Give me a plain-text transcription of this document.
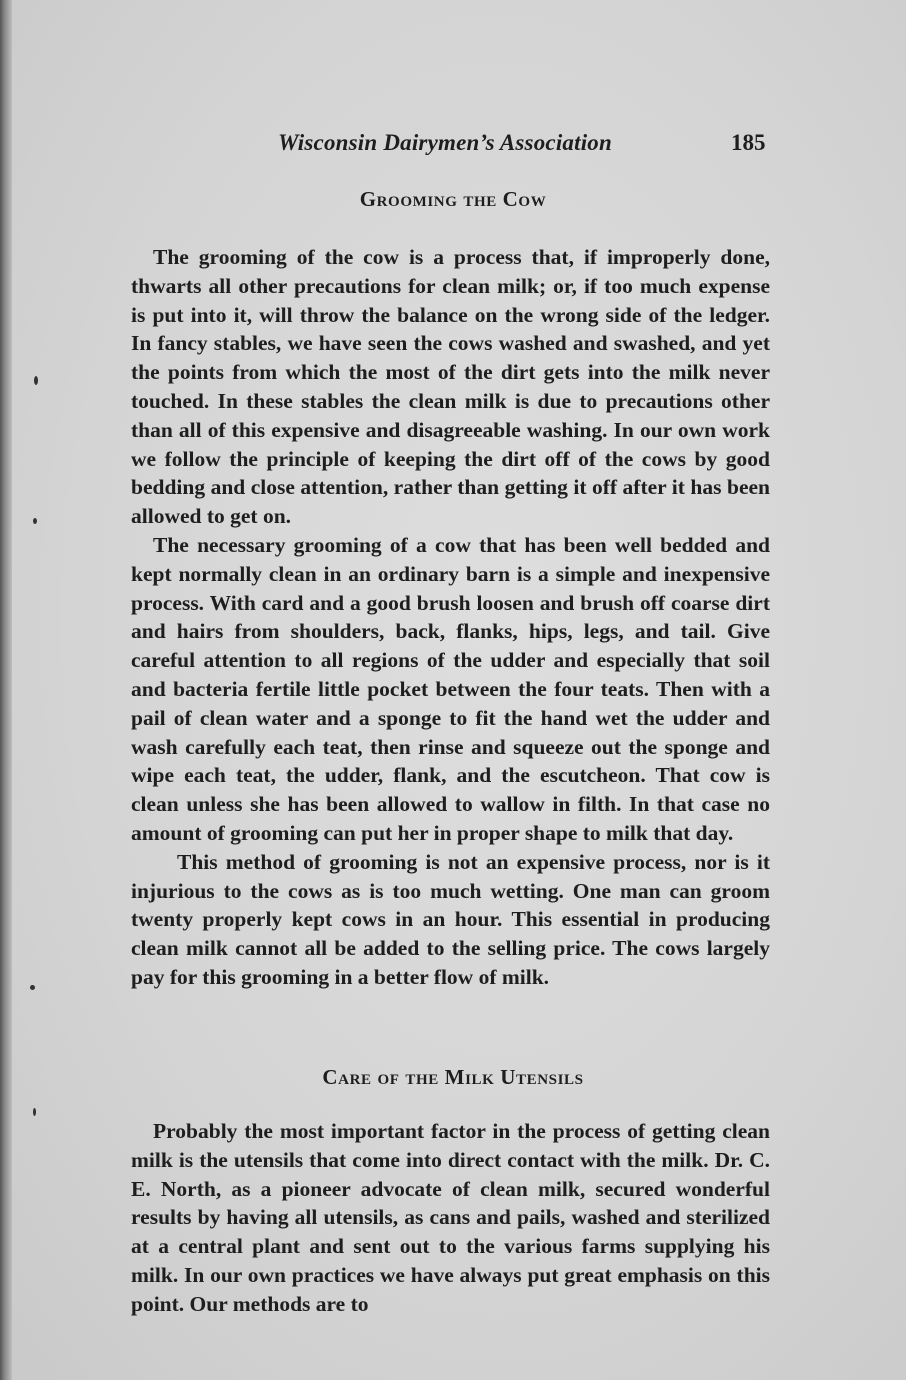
Wisconsin Dairymen’s Association	185
Grooming the Cow

The grooming of the cow is a process that, if improperly done, thwarts all other precautions for clean milk; or, if too much expense is put into it, will throw the balance on the wrong side of the ledger. In fancy stables, we have seen the cows washed and swashed, and yet the points from which the most of the dirt gets into the milk never touched. In these stables the clean milk is due to precautions other than all of this expensive and disagreeable washing. In our own work we follow the principle of keeping the dirt off of the cows by good bedding and close attention, rather than getting it off after it has been allowed to get on.

The necessary grooming of a cow that has been well bedded and kept normally clean in an ordinary barn is a simple and inexpensive process. With card and a good brush loosen and brush off coarse dirt and hairs from shoulders, back, flanks, hips, legs, and tail. Give careful attention to all regions of the udder and especially that soil and bacteria fertile little pocket between the four teats. Then with a pail of clean water and a sponge to fit the hand wet the udder and wash carefully each teat, then rinse and squeeze out the sponge and wipe each teat, the udder, flank, and the escutcheon. That cow is clean unless she has been allowed to wallow in filth. In that case no amount of grooming can put her in proper shape to milk that day.

This method of grooming is not an expensive process, nor is it injurious to the cows as is too much wetting. One man can groom twenty properly kept cows in an hour. This essential in producing clean milk cannot all be added to the selling price. The cows largely pay for this grooming in a better flow of milk.

Care of the Milk Utensils

Probably the most important factor in the process of getting clean milk is the utensils that come into direct contact with the milk. Dr. C. E. North, as a pioneer advocate of clean milk, secured wonderful results by having all utensils, as cans and pails, washed and sterilized at a central plant and sent out to the various farms supplying his milk. In our own practices we have always put great emphasis on this point. Our methods are to
